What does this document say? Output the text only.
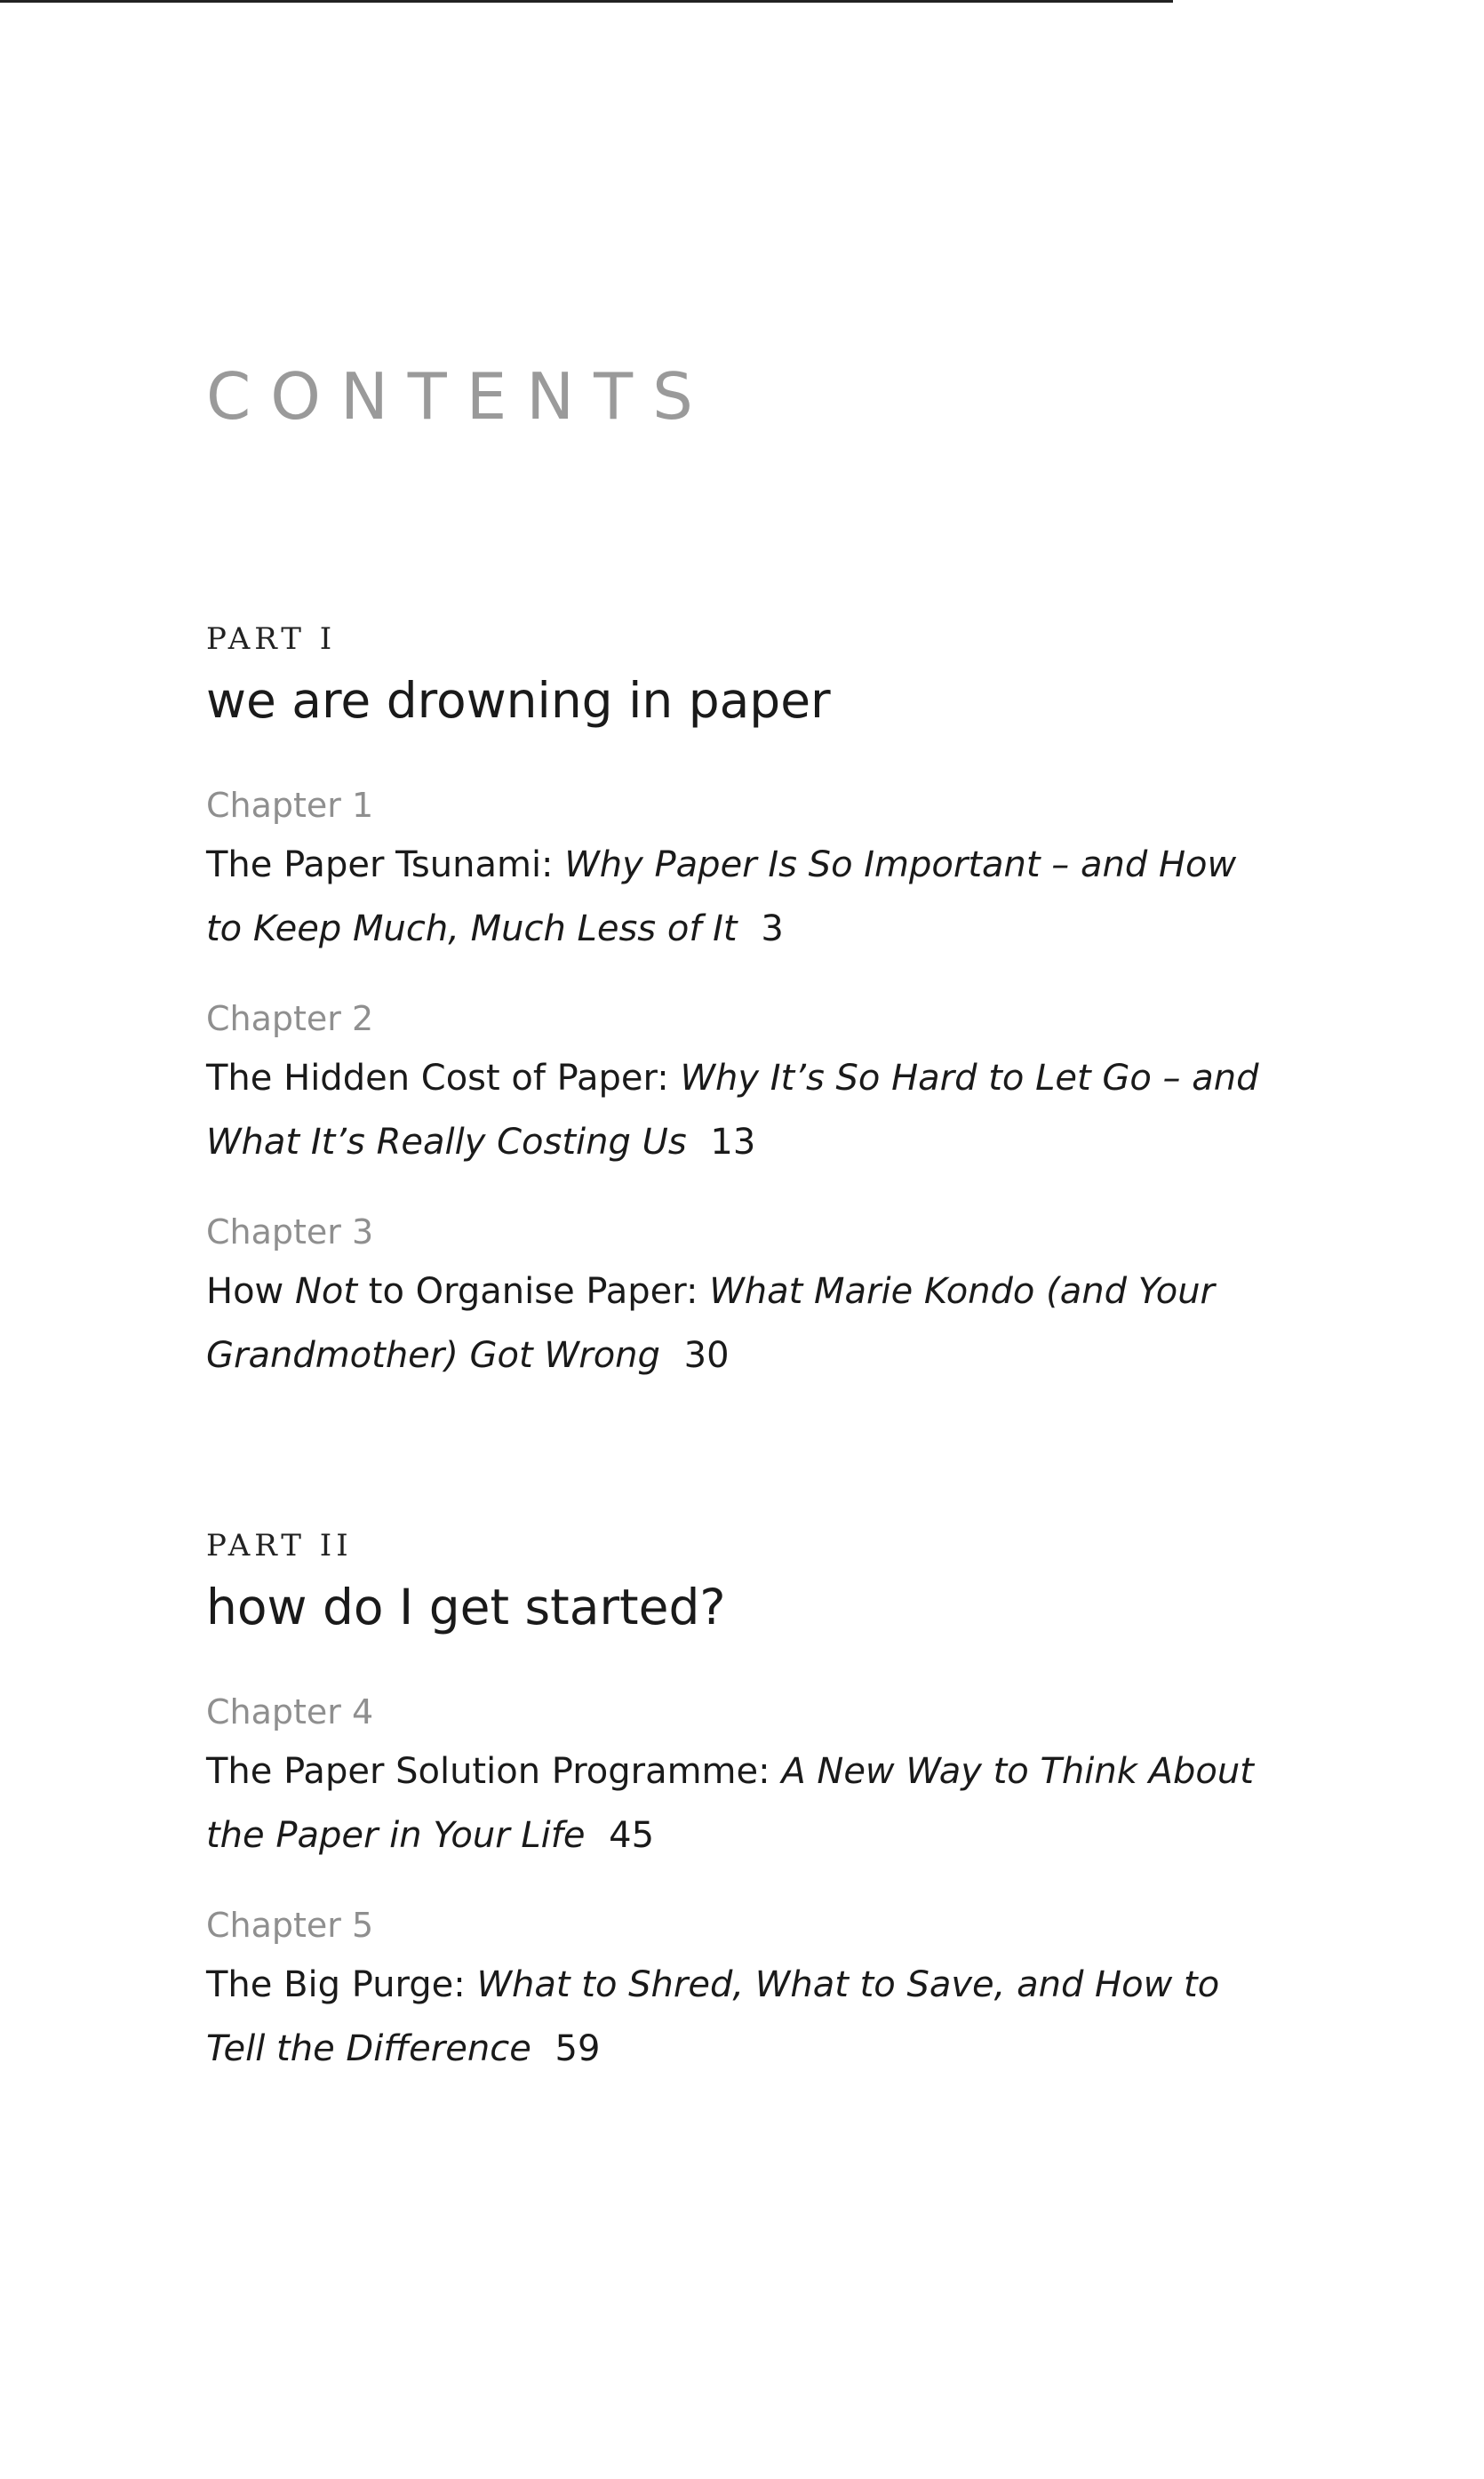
CONTENTS

PART I

we are drowning in paper

Chapter 1

The Paper Tsunami: Why Paper Is So Important – and How to Keep Much, Much Less of It 3

Chapter 2

The Hidden Cost of Paper: Why It’s So Hard to Let Go – and What It’s Really Costing Us 13

Chapter 3

How Not to Organise Paper: What Marie Kondo (and Your Grandmother) Got Wrong 30

PART II

how do I get started?

Chapter 4

The Paper Solution Programme: A New Way to Think About the Paper in Your Life 45

Chapter 5

The Big Purge: What to Shred, What to Save, and How to Tell the Difference 59
